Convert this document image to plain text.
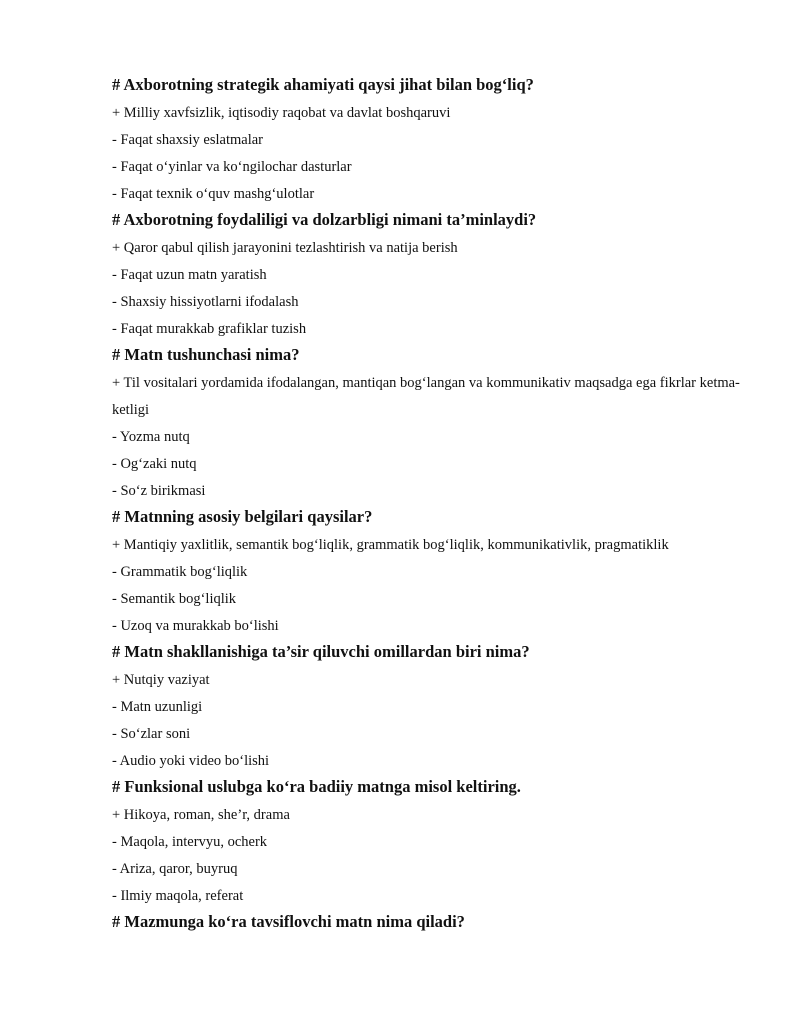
# Axborotning strategik ahamiyati qaysi jihat bilan bog‘liq?

+ Milliy xavfsizlik, iqtisodiy raqobat va davlat boshqaruvi

- Faqat shaxsiy eslatmalar

- Faqat o‘yinlar va ko‘ngilochar dasturlar

- Faqat texnik o‘quv mashg‘ulotlar

# Axborotning foydaliligi va dolzarbligi nimani ta’minlaydi?

+ Qaror qabul qilish jarayonini tezlashtirish va natija berish

- Faqat uzun matn yaratish

- Shaxsiy hissiyotlarni ifodalash

- Faqat murakkab grafiklar tuzish

# Matn tushunchasi nima?

+ Til vositalari yordamida ifodalangan, mantiqan bog‘langan va kommunikativ maqsadga ega fikrlar ketma-ketligi

- Yozma nutq

- Og‘zaki nutq

- So‘z birikmasi

# Matnning asosiy belgilari qaysilar?

+ Mantiqiy yaxlitlik, semantik bog‘liqlik, grammatik bog‘liqlik, kommunikativlik, pragmatiklik

- Grammatik bog‘liqlik

- Semantik bog‘liqlik

- Uzoq va murakkab bo‘lishi

# Matn shakllanishiga ta’sir qiluvchi omillardan biri nima?

+ Nutqiy vaziyat

- Matn uzunligi

- So‘zlar soni

- Audio yoki video bo‘lishi

# Funksional uslubga ko‘ra badiiy matnga misol keltiring.

+ Hikoya, roman, she’r, drama

- Maqola, intervyu, ocherk

- Ariza, qaror, buyruq

- Ilmiy maqola, referat

# Mazmunga ko‘ra tavsiflovchi matn nima qiladi?
